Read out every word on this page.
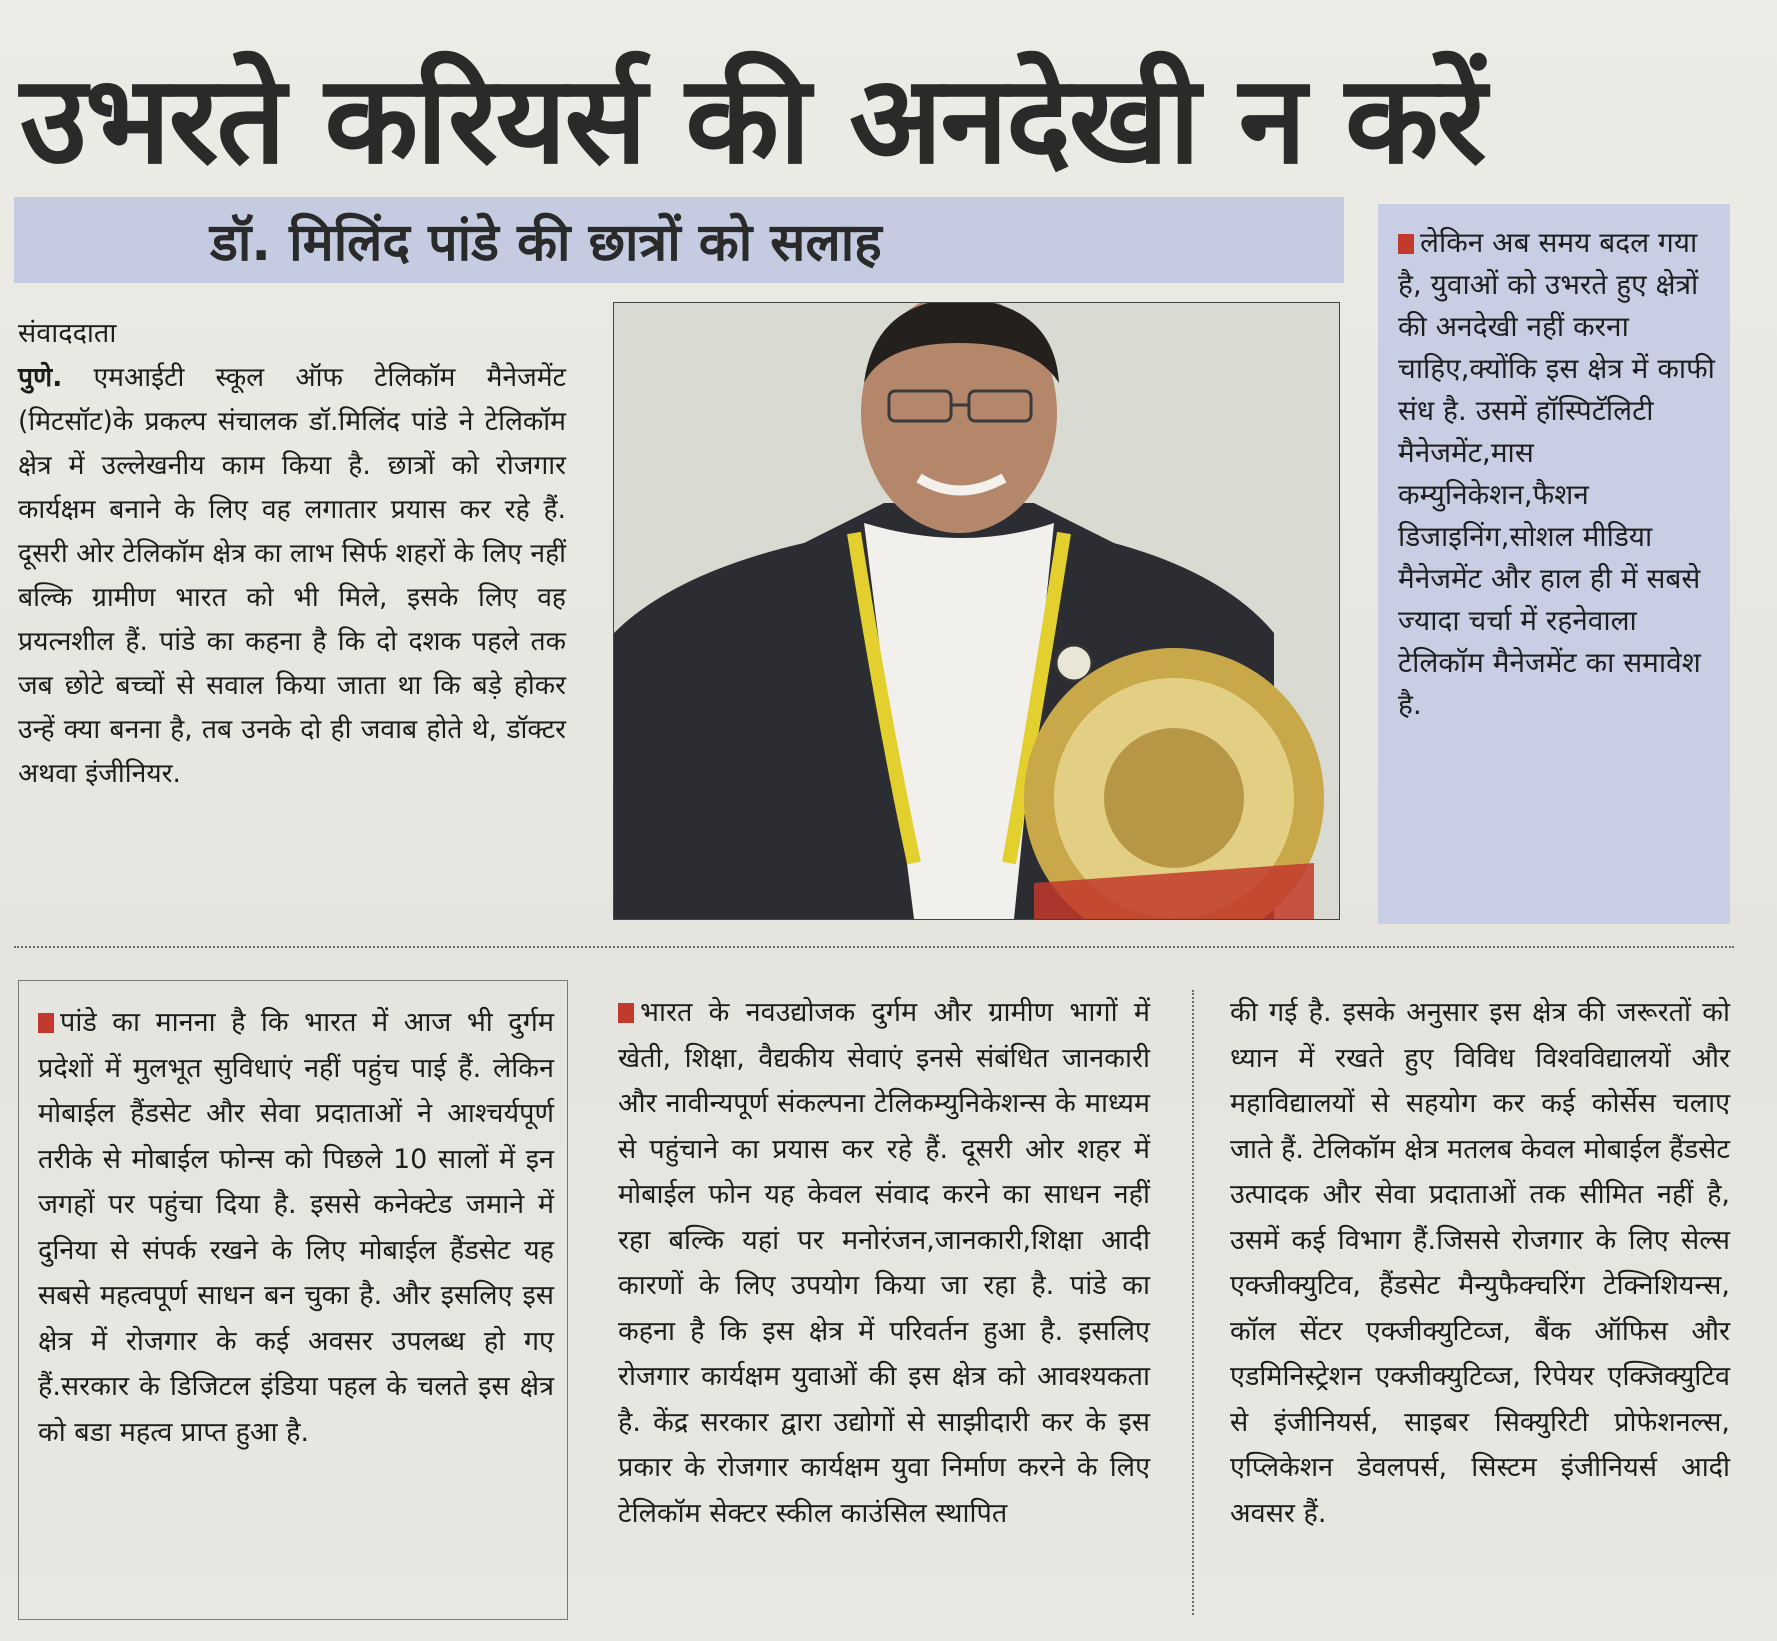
उभरते करियर्स की अनदेखी न करें
डॉ. मिलिंद पांडे की छात्रों को सलाह	लेकिन अब समय बदल गया है, युवाओं को उभरते हुए क्षेत्रों की अनदेखी नहीं करना चाहिए,क्योंकि इस क्षेत्र में काफी संध है. उसमें हॉस्पिटॅलिटी मैनेजमेंट,मास कम्युनिकेशन,फैशन डिजाइनिंग,सोशल मीडिया मैनेजमेंट और हाल ही में सबसे ज्यादा चर्चा में रहनेवाला टेलिकॉम मैनेजमेंट का समावेश है.
संवाददाता
पुणे. एमआईटी स्कूल ऑफ टेलिकॉम मैनेजमेंट (मिटसॉट)के प्रकल्प संचालक डॉ.मिलिंद पांडे ने टेलिकॉम क्षेत्र में उल्लेखनीय काम किया है. छात्रों को रोजगार कार्यक्षम बनाने के लिए वह लगातार प्रयास कर रहे हैं. दूसरी ओर टेलिकॉम क्षेत्र का लाभ सिर्फ शहरों के लिए नहीं बल्कि ग्रामीण भारत को भी मिले, इसके लिए वह प्रयत्नशील हैं. पांडे का कहना है कि दो दशक पहले तक जब छोटे बच्चों से सवाल किया जाता था कि बड़े होकर उन्हें क्या बनना है, तब उनके दो ही जवाब होते थे, डॉक्टर अथवा इंजीनियर.
पांडे का मानना है कि भारत में आज भी दुर्गम प्रदेशों में मुलभूत सुविधाएं नहीं पहुंच पाई हैं. लेकिन मोबाईल हैंडसेट और सेवा प्रदाताओं ने आश्चर्यपूर्ण तरीके से मोबाईल फोन्स को पिछले 10 सालों में इन जगहों पर पहुंचा दिया है. इससे कनेक्टेड जमाने में दुनिया से संपर्क रखने के लिए मोबाईल हैंडसेट यह सबसे महत्वपूर्ण साधन बन चुका है. और इसलिए इस क्षेत्र में रोजगार के कई अवसर उपलब्ध हो गए हैं.सरकार के डिजिटल इंडिया पहल के चलते इस क्षेत्र को बडा महत्व प्राप्त हुआ है.
भारत के नवउद्योजक दुर्गम और ग्रामीण भागों में खेती, शिक्षा, वैद्यकीय सेवाएं इनसे संबंधित जानकारी और नावीन्यपूर्ण संकल्पना टेलिकम्युनिकेशन्स के माध्यम से पहुंचाने का प्रयास कर रहे हैं. दूसरी ओर शहर में मोबाईल फोन यह केवल संवाद करने का साधन नहीं रहा बल्कि यहां पर मनोरंजन,जानकारी,शिक्षा आदी कारणों के लिए उपयोग किया जा रहा है. पांडे का कहना है कि इस क्षेत्र में परिवर्तन हुआ है. इसलिए रोजगार कार्यक्षम युवाओं की इस क्षेत्र को आवश्यकता है. केंद्र सरकार द्वारा उद्योगों से साझीदारी कर के इस प्रकार के रोजगार कार्यक्षम युवा निर्माण करने के लिए टेलिकॉम सेक्टर स्कील काउंसिल स्थापित
की गई है. इसके अनुसार इस क्षेत्र की जरूरतों को ध्यान में रखते हुए विविध विश्वविद्यालयों और महाविद्यालयों से सहयोग कर कई कोर्सेस चलाए जाते हैं. टेलिकॉम क्षेत्र मतलब केवल मोबाईल हैंडसेट उत्पादक और सेवा प्रदाताओं तक सीमित नहीं है, उसमें कई विभाग हैं.जिससे रोजगार के लिए सेल्स एक्जीक्युटिव, हैंडसेट मैन्युफैक्चरिंग टेक्निशियन्स, कॉल सेंटर एक्जीक्युटिव्ज, बैंक ऑफिस और एडमिनिस्ट्रेशन एक्जीक्युटिव्ज, रिपेयर एक्जिक्युटिव से इंजीनियर्स, साइबर सिक्युरिटी प्रोफेशनल्स, एप्लिकेशन डेवलपर्स, सिस्टम इंजीनियर्स आदी अवसर हैं.
